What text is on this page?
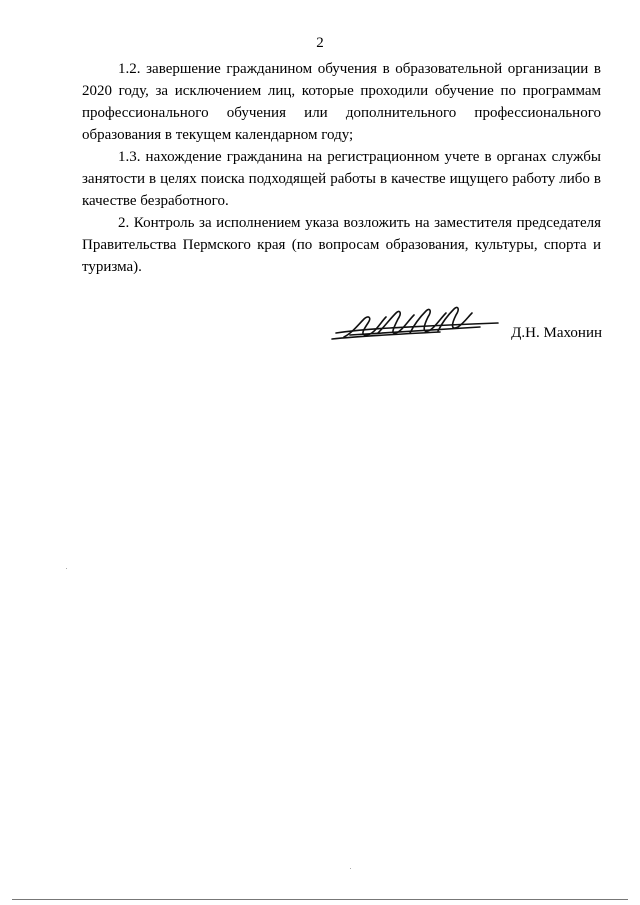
2

1.2. завершение гражданином обучения в образовательной организации в 2020 году, за исключением лиц, которые проходили обучение по программам профессионального обучения или дополнительного профессионального образования в текущем календарном году;

1.3. нахождение гражданина на регистрационном учете в органах службы занятости в целях поиска подходящей работы в качестве ищущего работу либо в качестве безработного.

2. Контроль за исполнением указа возложить на заместителя председателя Правительства Пермского края (по вопросам образования, культуры, спорта и туризма).

Д.Н. Махонин
